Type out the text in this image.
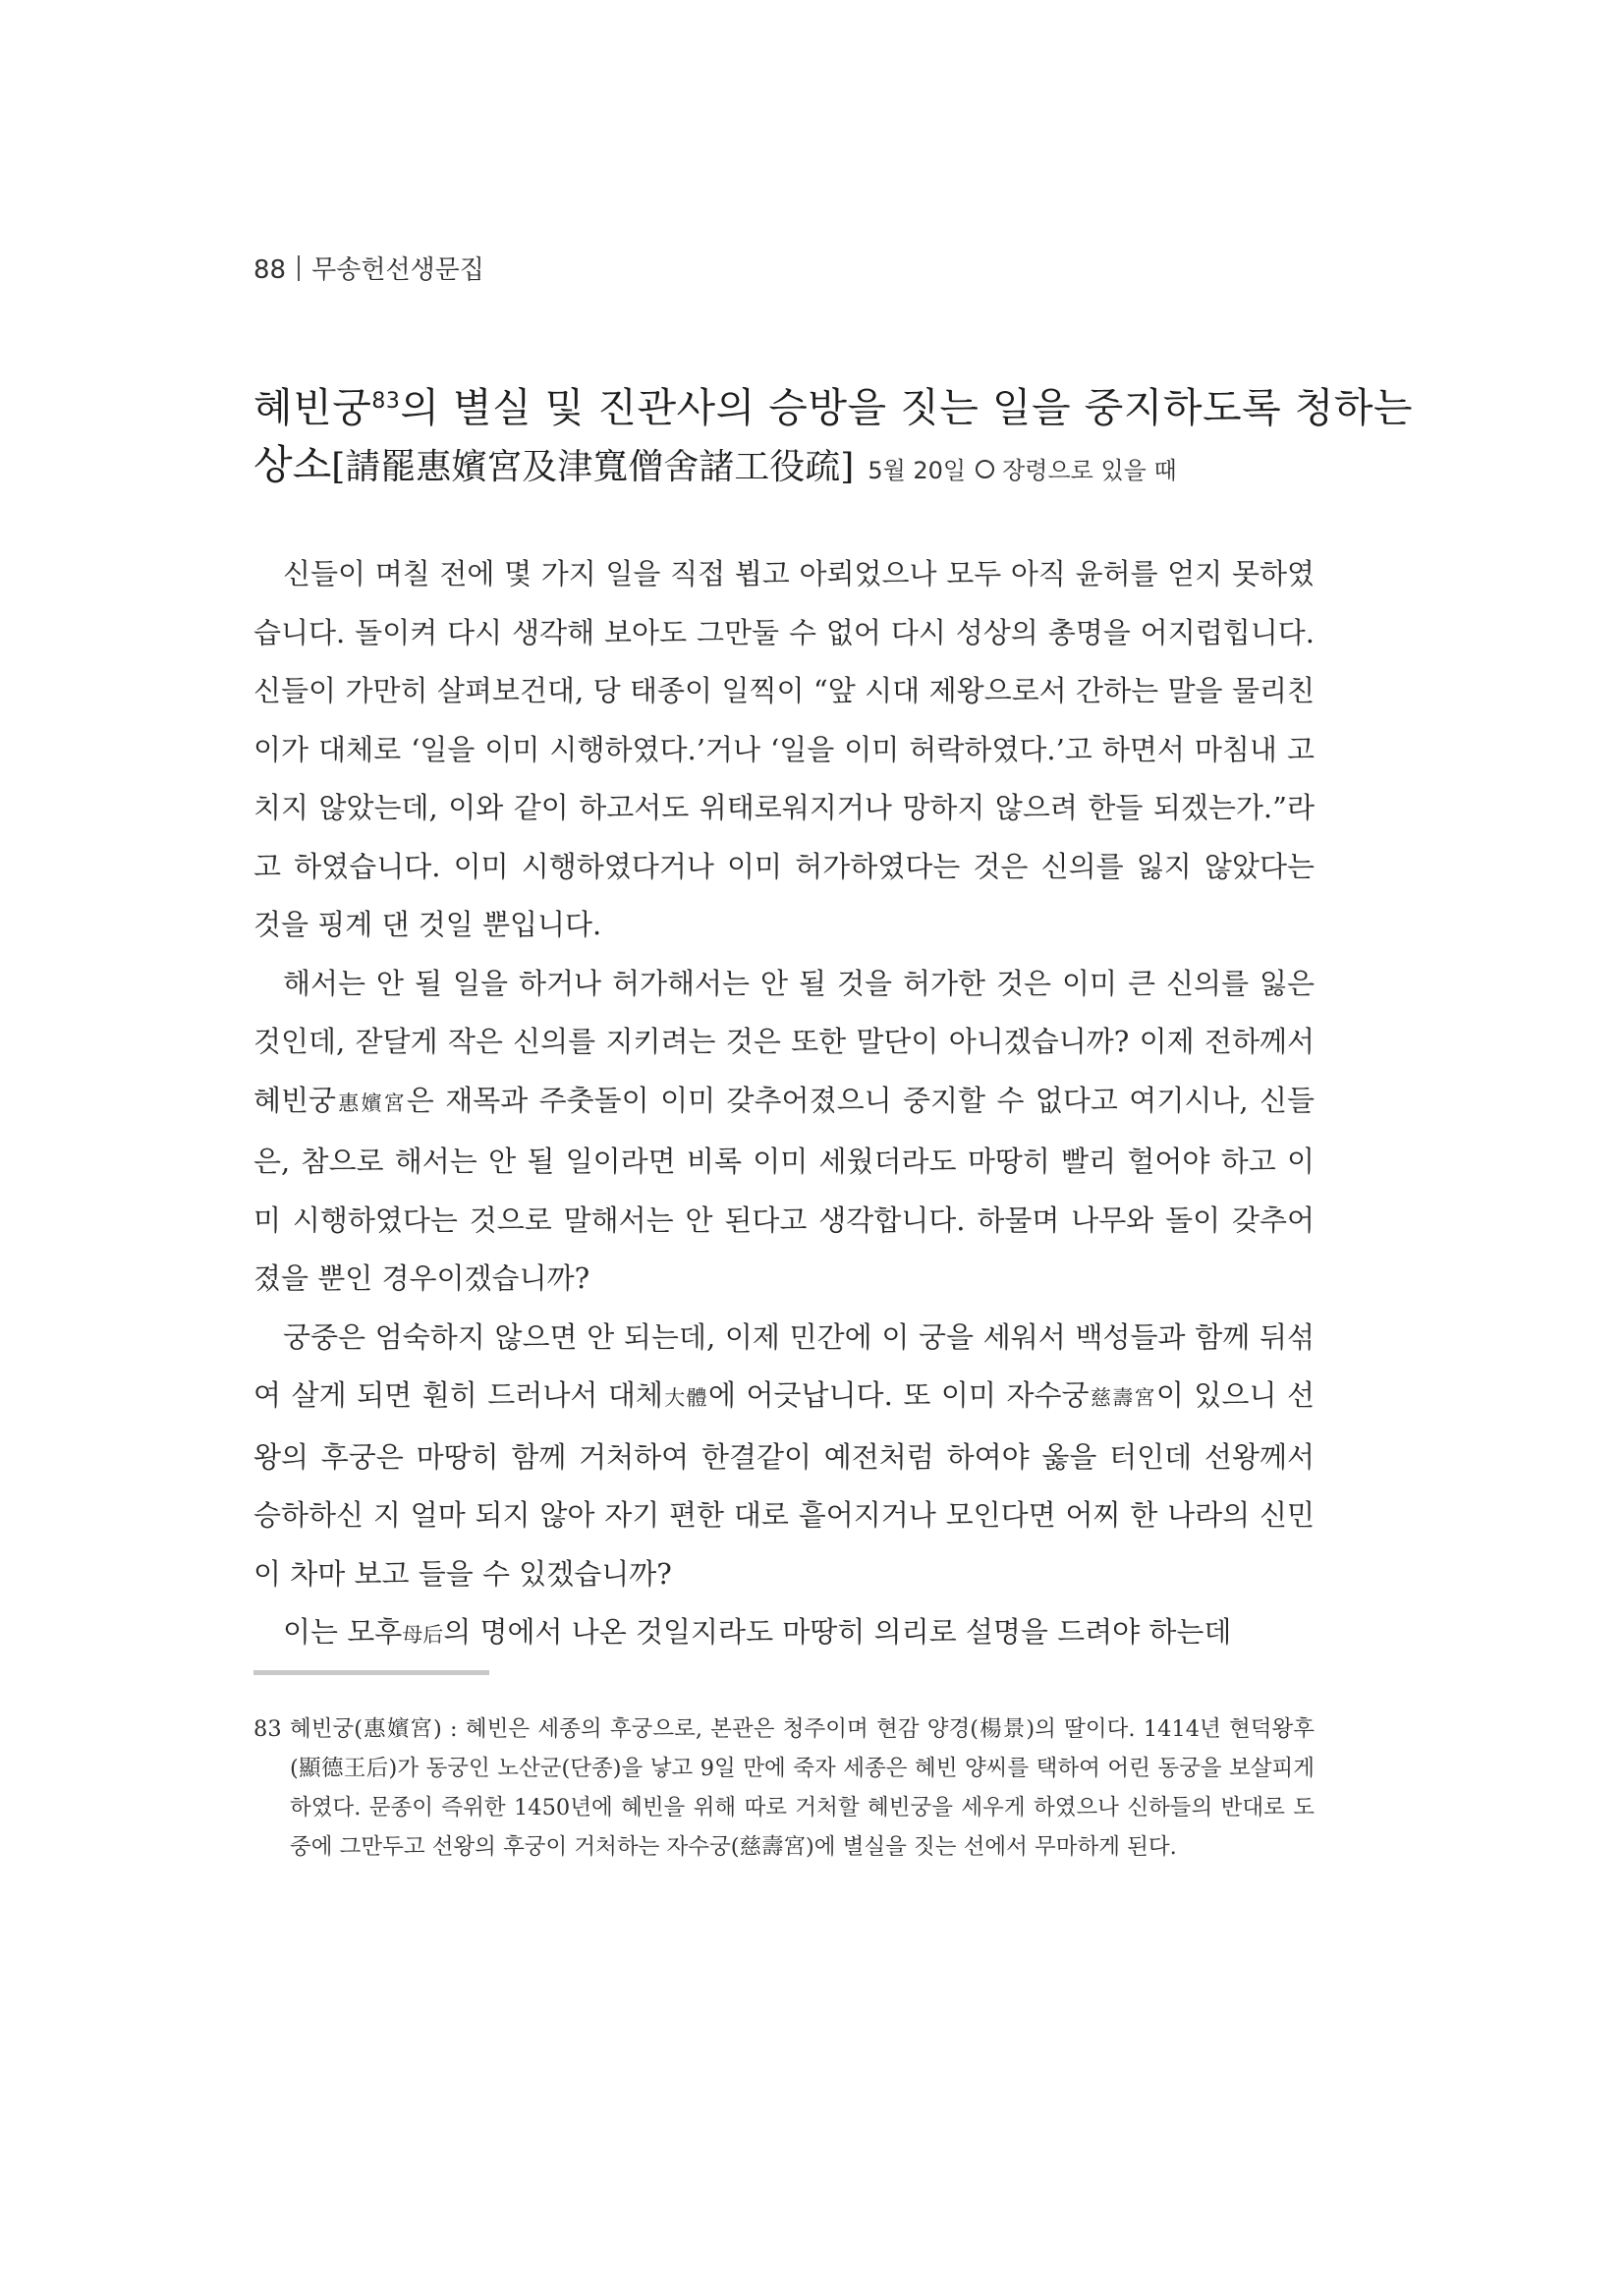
88 무송헌선생문집
혜빈궁$^{83}$의 별실 및 진관사의 승방을 짓는 일을 중지하도록 청하는
상소[請罷惠嬪宮及津寬僧舍諸工役疏] 5월 20일 장령으로 있을 때

신들이 며칠 전에 몇 가지 일을 직접 뵙고 아뢰었으나 모두 아직 윤허를 얻지 못하였습니다. 돌이켜 다시 생각해 보아도 그만둘 수 없어 다시 성상의 총명을 어지럽힙니다. 신들이 가만히 살펴보건대, 당 태종이 일찍이 “앞 시대 제왕으로서 간하는 말을 물리친 이가 대체로 ‘일을 이미 시행하였다.’거나 ‘일을 이미 허락하였다.’고 하면서 마침내 고치지 않았는데, 이와 같이 하고서도 위태로워지거나 망하지 않으려 한들 되겠는가.”라고 하였습니다. 이미 시행하였다거나 이미 허가하였다는 것은 신의를 잃지 않았다는 것을 핑계 댄 것일 뿐입니다.

해서는 안 될 일을 하거나 허가해서는 안 될 것을 허가한 것은 이미 큰 신의를 잃은 것인데, 잗달게 작은 신의를 지키려는 것은 또한 말단이 아니겠습니까? 이제 전하께서 혜빈궁惠嬪宮은 재목과 주춧돌이 이미 갖추어졌으니 중지할 수 없다고 여기시나, 신들은, 참으로 해서는 안 될 일이라면 비록 이미 세웠더라도 마땅히 빨리 헐어야 하고 이미 시행하였다는 것으로 말해서는 안 된다고 생각합니다. 하물며 나무와 돌이 갖추어졌을 뿐인 경우이겠습니까?

궁중은 엄숙하지 않으면 안 되는데, 이제 민간에 이 궁을 세워서 백성들과 함께 뒤섞여 살게 되면 훤히 드러나서 대체大體에 어긋납니다. 또 이미 자수궁慈壽宮이 있으니 선왕의 후궁은 마땅히 함께 거처하여 한결같이 예전처럼 하여야 옳을 터인데 선왕께서 승하하신 지 얼마 되지 않아 자기 편한 대로 흩어지거나 모인다면 어찌 한 나라의 신민이 차마 보고 들을 수 있겠습니까?

이는 모후母后의 명에서 나온 것일지라도 마땅히 의리로 설명을 드려야 하는데

83 혜빈궁(惠嬪宮) : 혜빈은 세종의 후궁으로, 본관은 청주이며 현감 양경(楊景)의 딸이다. 1414년 현덕왕후(顯德王后)가 동궁인 노산군(단종)을 낳고 9일 만에 죽자 세종은 혜빈 양씨를 택하여 어린 동궁을 보살피게 하였다. 문종이 즉위한 1450년에 혜빈을 위해 따로 거처할 혜빈궁을 세우게 하였으나 신하들의 반대로 도중에 그만두고 선왕의 후궁이 거처하는 자수궁(慈壽宮)에 별실을 짓는 선에서 무마하게 된다.
